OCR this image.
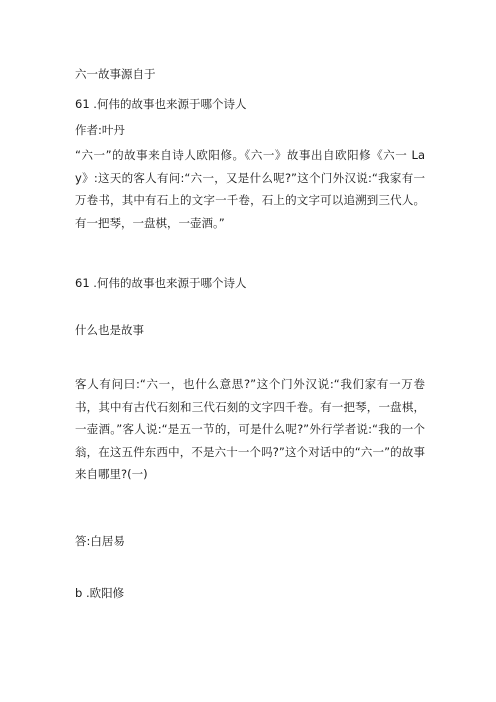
六一故事源自于
61 .何伟的故事也来源于哪个诗人
作者:叶丹
“六一”的故事来自诗人欧阳修。《六一》故事出自欧阳修《六一 Lay》:这天的客人有问:“六一，又是什么呢?”这个门外汉说:“我家有一万卷书，其中有石上的文字一千卷，石上的文字可以追溯到三代人。有一把琴，一盘棋，一壶酒。”
61 .何伟的故事也来源于哪个诗人
什么也是故事
客人有问曰:“六一，也什么意思?”这个门外汉说:“我们家有一万卷书，其中有古代石刻和三代石刻的文字四千卷。有一把琴，一盘棋，一壶酒。”客人说:“是五一节的，可是什么呢?”外行学者说:“我的一个翁，在这五件东西中，不是六十一个吗?”这个对话中的“六一”的故事来自哪里?(一)
答:白居易
b .欧阳修
